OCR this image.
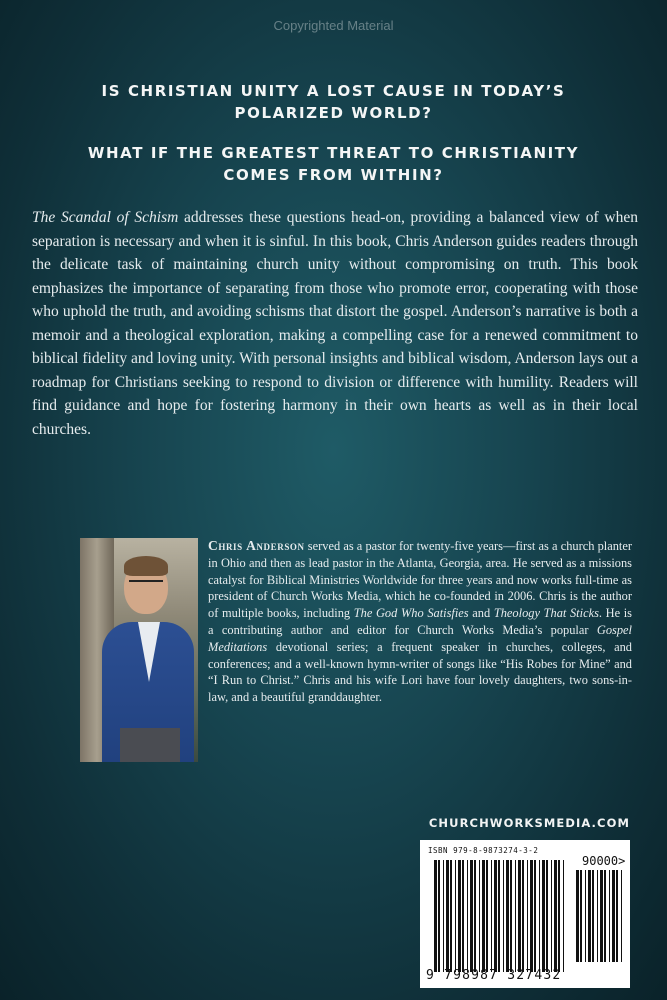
Copyrighted Material
IS CHRISTIAN UNITY A LOST CAUSE IN TODAY’S
POLARIZED WORLD?
WHAT IF THE GREATEST THREAT TO CHRISTIANITY
COMES FROM WITHIN?
The Scandal of Schism addresses these questions head-on, providing a balanced view of when separation is necessary and when it is sinful. In this book, Chris Anderson guides readers through the delicate task of maintaining church unity without compromising on truth. This book emphasizes the importance of separating from those who promote error, cooperating with those who uphold the truth, and avoiding schisms that distort the gospel. Anderson’s narrative is both a memoir and a theological exploration, making a compelling case for a renewed commitment to biblical fidelity and loving unity. With personal insights and biblical wisdom, Anderson lays out a roadmap for Christians seeking to respond to division or difference with humility. Readers will find guidance and hope for fostering harmony in their own hearts as well as in their local churches.
Chris Anderson served as a pastor for twenty-five years—first as a church planter in Ohio and then as lead pastor in the Atlanta, Georgia, area. He served as a missions catalyst for Biblical Ministries Worldwide for three years and now works full-time as president of Church Works Media, which he co-founded in 2006. Chris is the author of multiple books, including The God Who Satisfies and Theology That Sticks. He is a contributing author and editor for Church Works Media’s popular Gospel Meditations devotional series; a frequent speaker in churches, colleges, and conferences; and a well-known hymn-writer of songs like “His Robes for Mine” and “I Run to Christ.” Chris and his wife Lori have four lovely daughters, two sons-in-law, and a beautiful granddaughter.
CHURCHWORKSMEDIA.COM
ISBN 979-8-9873274-3-2
90000>
9 798987 327432
